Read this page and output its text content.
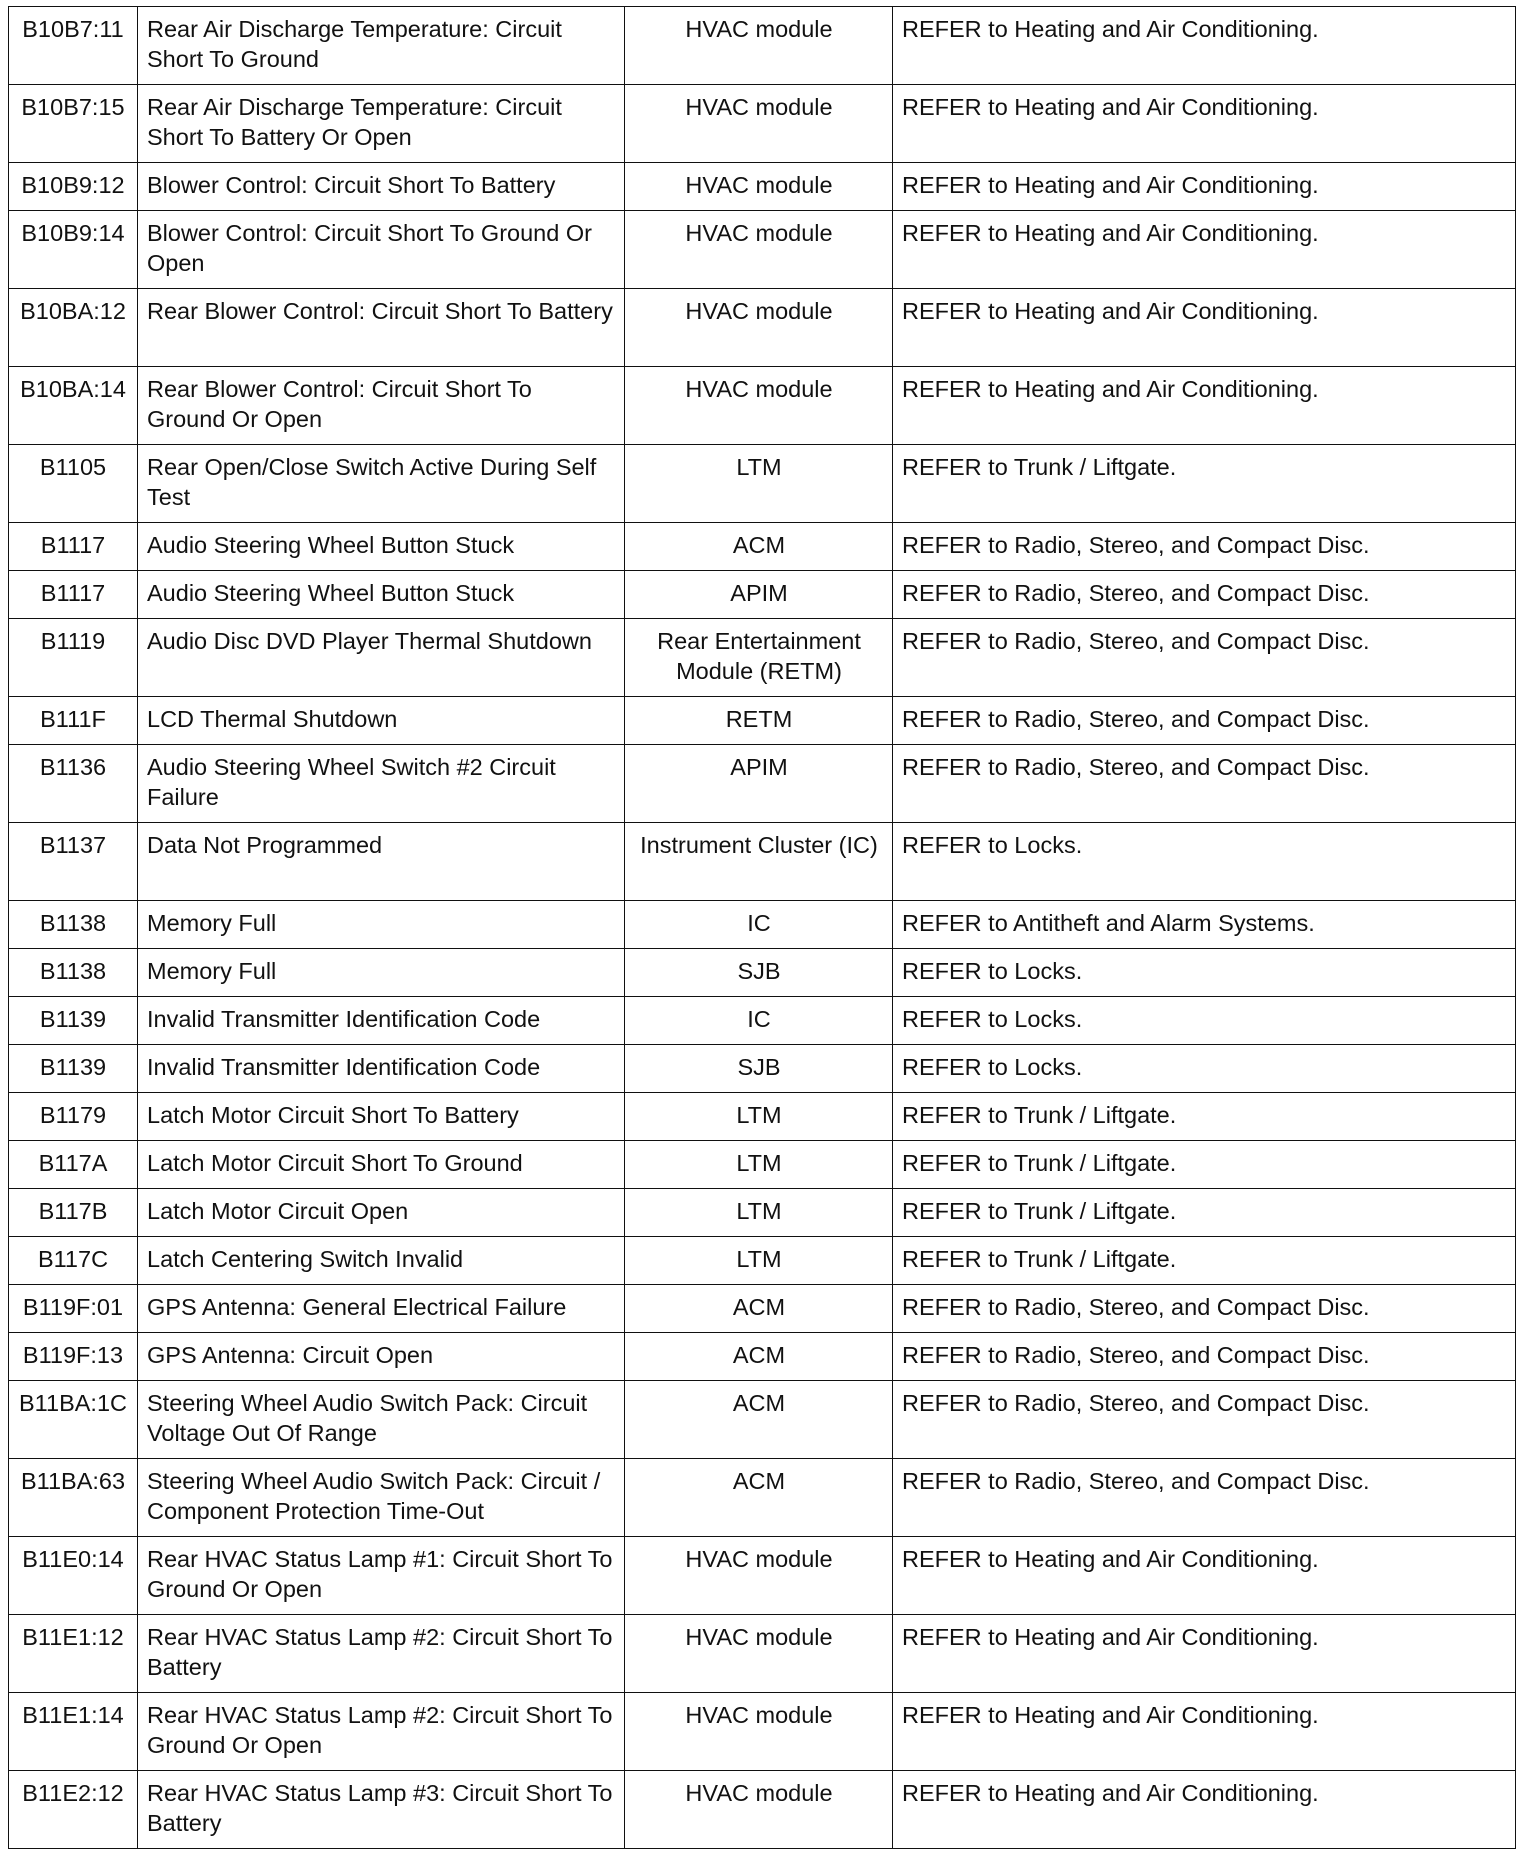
B10B7:11	Rear Air Discharge Temperature: Circuit Short To Ground	HVAC module	REFER to Heating and Air Conditioning.
B10B7:15	Rear Air Discharge Temperature: Circuit Short To Battery Or Open	HVAC module	REFER to Heating and Air Conditioning.
B10B9:12	Blower Control: Circuit Short To Battery	HVAC module	REFER to Heating and Air Conditioning.
B10B9:14	Blower Control: Circuit Short To Ground Or Open	HVAC module	REFER to Heating and Air Conditioning.
B10BA:12	Rear Blower Control: Circuit Short To Battery	HVAC module	REFER to Heating and Air Conditioning.
B10BA:14	Rear Blower Control: Circuit Short To Ground Or Open	HVAC module	REFER to Heating and Air Conditioning.
B1105	Rear Open/Close Switch Active During Self Test	LTM	REFER to Trunk / Liftgate.
B1117	Audio Steering Wheel Button Stuck	ACM	REFER to Radio, Stereo, and Compact Disc.
B1117	Audio Steering Wheel Button Stuck	APIM	REFER to Radio, Stereo, and Compact Disc.
B1119	Audio Disc DVD Player Thermal Shutdown	Rear Entertainment Module (RETM)	REFER to Radio, Stereo, and Compact Disc.
B111F	LCD Thermal Shutdown	RETM	REFER to Radio, Stereo, and Compact Disc.
B1136	Audio Steering Wheel Switch #2 Circuit Failure	APIM	REFER to Radio, Stereo, and Compact Disc.
B1137	Data Not Programmed	Instrument Cluster (IC)	REFER to Locks.
B1138	Memory Full	IC	REFER to Antitheft and Alarm Systems.
B1138	Memory Full	SJB	REFER to Locks.
B1139	Invalid Transmitter Identification Code	IC	REFER to Locks.
B1139	Invalid Transmitter Identification Code	SJB	REFER to Locks.
B1179	Latch Motor Circuit Short To Battery	LTM	REFER to Trunk / Liftgate.
B117A	Latch Motor Circuit Short To Ground	LTM	REFER to Trunk / Liftgate.
B117B	Latch Motor Circuit Open	LTM	REFER to Trunk / Liftgate.
B117C	Latch Centering Switch Invalid	LTM	REFER to Trunk / Liftgate.
B119F:01	GPS Antenna: General Electrical Failure	ACM	REFER to Radio, Stereo, and Compact Disc.
B119F:13	GPS Antenna: Circuit Open	ACM	REFER to Radio, Stereo, and Compact Disc.
B11BA:1C	Steering Wheel Audio Switch Pack: Circuit Voltage Out Of Range	ACM	REFER to Radio, Stereo, and Compact Disc.
B11BA:63	Steering Wheel Audio Switch Pack: Circuit / Component Protection Time-Out	ACM	REFER to Radio, Stereo, and Compact Disc.
B11E0:14	Rear HVAC Status Lamp #1: Circuit Short To Ground Or Open	HVAC module	REFER to Heating and Air Conditioning.
B11E1:12	Rear HVAC Status Lamp #2: Circuit Short To Battery	HVAC module	REFER to Heating and Air Conditioning.
B11E1:14	Rear HVAC Status Lamp #2: Circuit Short To Ground Or Open	HVAC module	REFER to Heating and Air Conditioning.
B11E2:12	Rear HVAC Status Lamp #3: Circuit Short To Battery	HVAC module	REFER to Heating and Air Conditioning.
